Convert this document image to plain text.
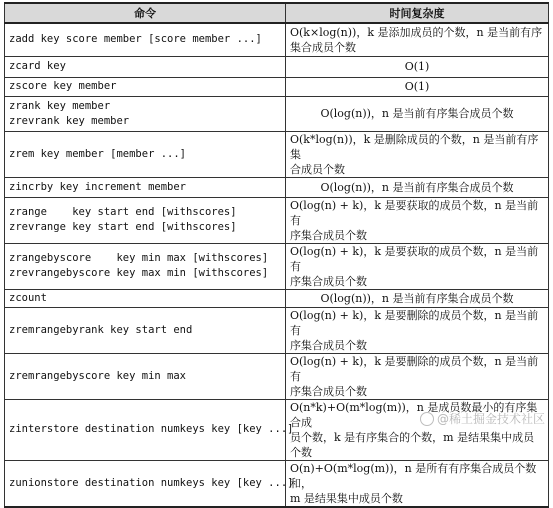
命令	时间复杂度
zadd key score member [score member ...]	O(k×log(n))，k 是添加成员的个数，n 是当前有序
集合成员个数
zcard key	O(1)
zscore key member	O(1)
zrank key member
zrevrank key member	O(log(n))，n 是当前有序集合成员个数
zrem key member [member ...]	O(k*log(n))，k 是删除成员的个数，n 是当前有序集
合成员个数
zincrby key increment member	O(log(n))，n 是当前有序集合成员个数
zrange    key start end [withscores]
zrevrange key start end [withscores]	O(log(n) + k)，k 是要获取的成员个数，n 是当前有
序集合成员个数
zrangebyscore    key min max [withscores]
zrevrangebyscore key max min [withscores]	O(log(n) + k)，k 是要获取的成员个数，n 是当前有
序集合成员个数
zcount	O(log(n))，n 是当前有序集合成员个数
zremrangebyrank key start end	O(log(n) + k)，k 是要删除的成员个数，n 是当前有
序集合成员个数
zremrangebyscore key min max	O(log(n) + k)，k 是要删除的成员个数，n 是当前有
序集合成员个数
zinterstore destination numkeys key [key ...]	O(n*k)+O(m*log(m))，n 是成员数最小的有序集合成
员个数，k 是有序集合的个数，m 是结果集中成员个数
zunionstore destination numkeys key [key ...]	O(n)+O(m*log(m))，n 是所有有序集合成员个数和，
m 是结果集中成员个数
@稀土掘金技术社区
